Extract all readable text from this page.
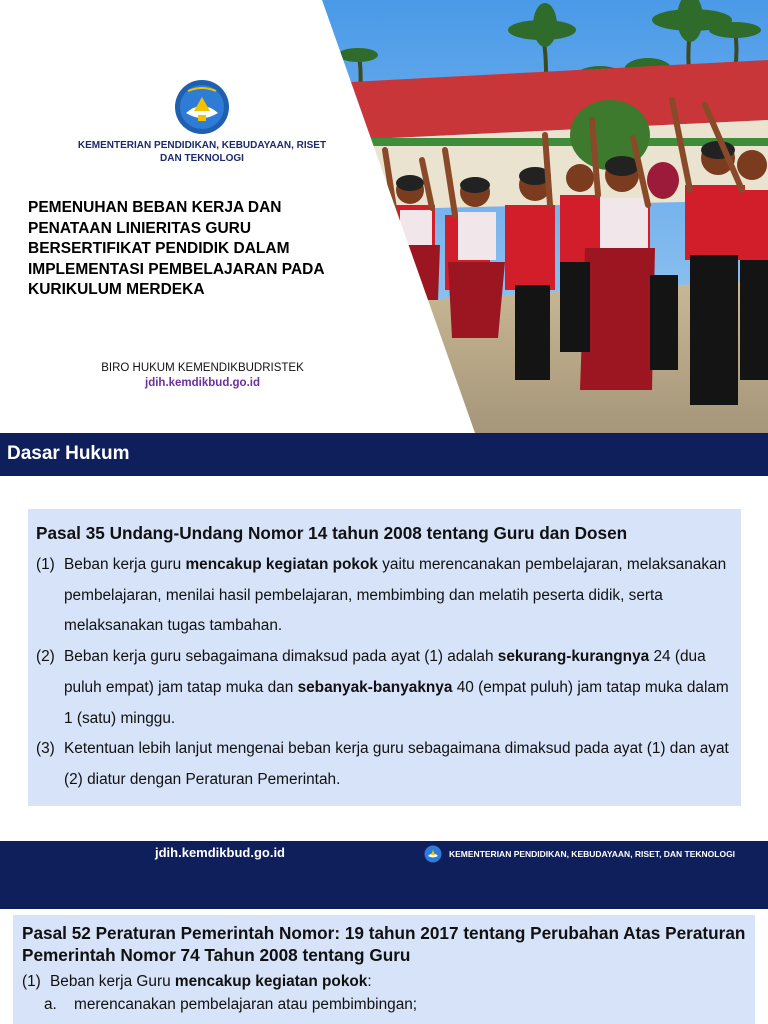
KEMENTERIAN PENDIDIKAN, KEBUDAYAAN, RISET
DAN TEKNOLOGI
PEMENUHAN BEBAN KERJA DAN
PENATAAN LINIERITAS GURU
BERSERTIFIKAT PENDIDIK DALAM
IMPLEMENTASI PEMBELAJARAN PADA
KURIKULUM MERDEKA
BIRO HUKUM KEMENDIKBUDRISTEK
jdih.kemdikbud.go.id
Dasar Hukum
Pasal 35 Undang-Undang Nomor 14 tahun 2008 tentang Guru dan Dosen
(1) Beban kerja guru mencakup kegiatan pokok yaitu merencanakan pembelajaran, melaksanakan pembelajaran, menilai hasil pembelajaran, membimbing dan melatih peserta didik, serta melaksanakan tugas tambahan.
(2) Beban kerja guru sebagaimana dimaksud pada ayat (1) adalah sekurang-kurangnya 24 (dua puluh empat) jam tatap muka dan sebanyak-banyaknya 40 (empat puluh) jam tatap muka dalam 1 (satu) minggu.
(3) Ketentuan lebih lanjut mengenai beban kerja guru sebagaimana dimaksud pada ayat (1) dan ayat (2) diatur dengan Peraturan Pemerintah.
jdih.kemdikbud.go.id	KEMENTERIAN PENDIDIKAN, KEBUDAYAAN, RISET, DAN TEKNOLOGI
Pasal 52 Peraturan Pemerintah Nomor: 19 tahun 2017 tentang Perubahan Atas Peraturan Pemerintah Nomor 74 Tahun 2008 tentang Guru
(1) Beban kerja Guru mencakup kegiatan pokok:
a.	merencanakan pembelajaran atau pembimbingan;
